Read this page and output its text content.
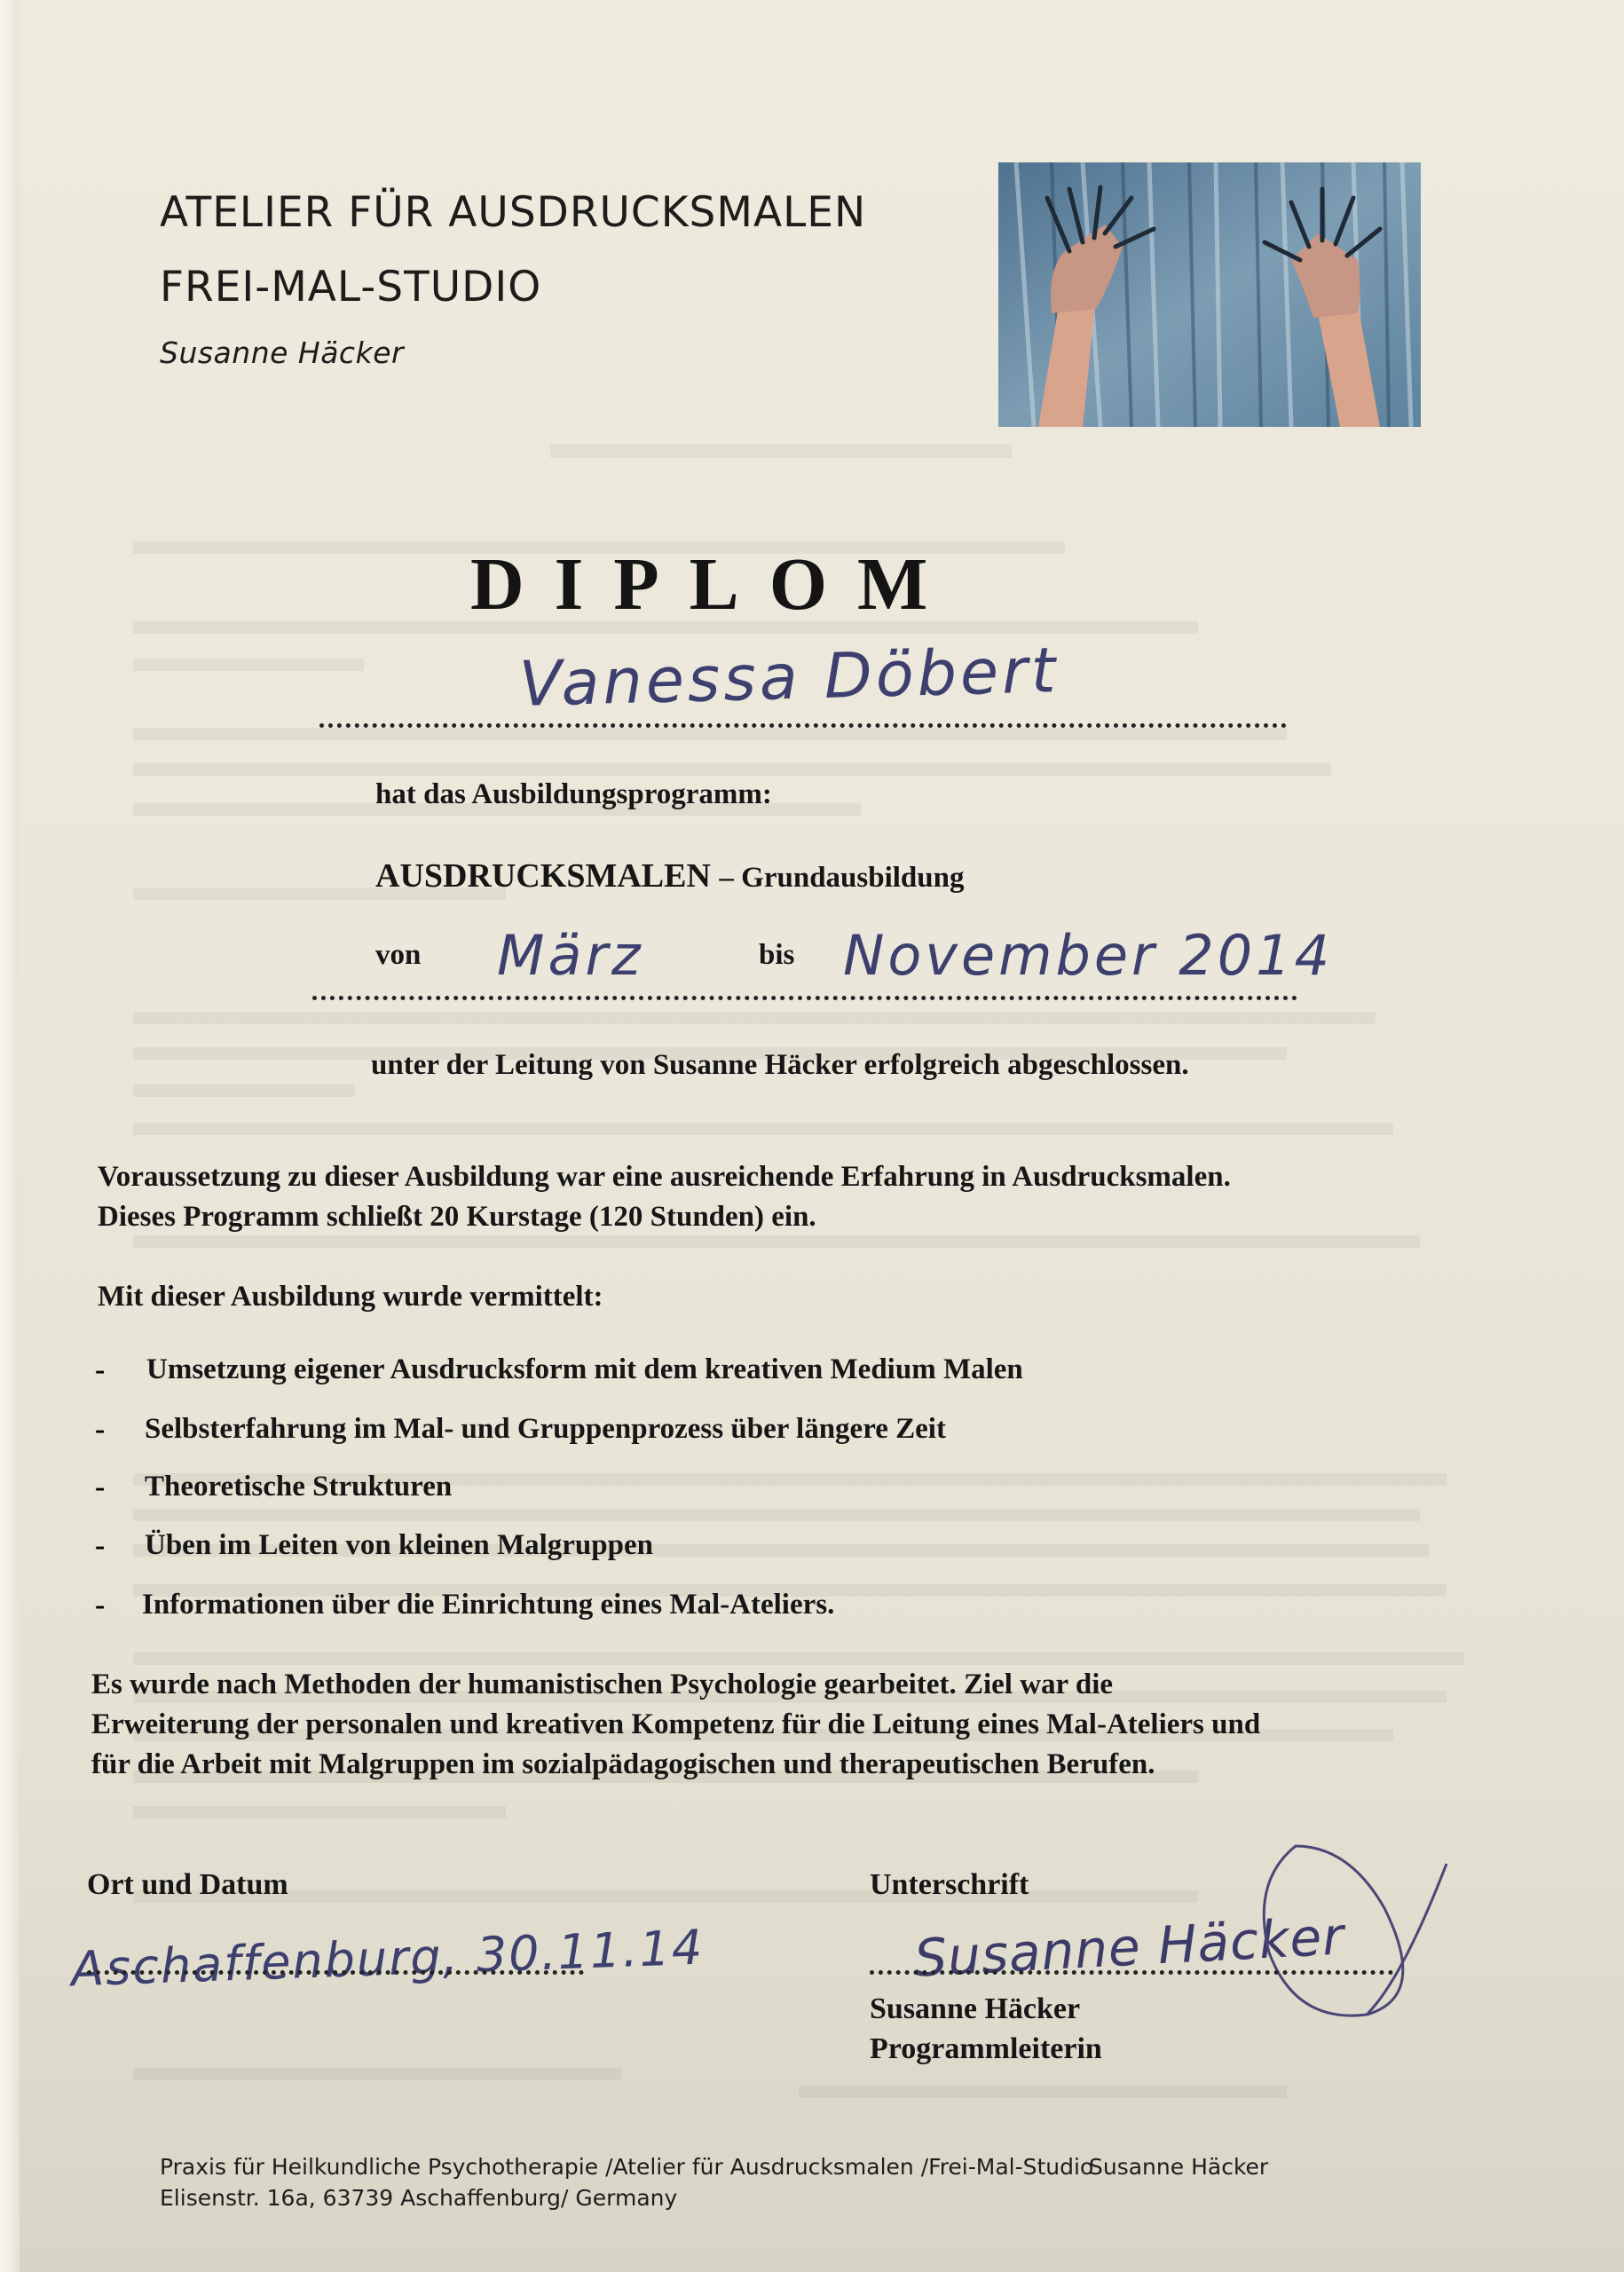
ATELIER FÜR AUSDRUCKSMALEN
FREI-MAL-STUDIO
Susanne Häcker
DIPLOM
Vanessa Döbert
hat das Ausbildungsprogramm:
AUSDRUCKSMALEN – Grundausbildung
von März	bis November 2014
unter der Leitung von Susanne Häcker erfolgreich abgeschlossen.
Voraussetzung zu dieser Ausbildung war eine ausreichende Erfahrung in Ausdrucksmalen.
Dieses Programm schließt 20 Kurstage (120 Stunden) ein.
Mit dieser Ausbildung wurde vermittelt:
- Umsetzung eigener Ausdrucksform mit dem kreativen Medium Malen
- Selbsterfahrung im Mal- und Gruppenprozess über längere Zeit
- Theoretische Strukturen
- Üben im Leiten von kleinen Malgruppen
- Informationen über die Einrichtung eines Mal-Ateliers.
Es wurde nach Methoden der humanistischen Psychologie gearbeitet. Ziel war die
Erweiterung der personalen und kreativen Kompetenz für die Leitung eines Mal-Ateliers und
für die Arbeit mit Malgruppen im sozialpädagogischen und therapeutischen Berufen.
Ort und Datum
Aschaffenburg, 30.11.14
Unterschrift
Susanne Häcker
Susanne Häcker
Programmleiterin
Praxis für Heilkundliche Psychotherapie /Atelier für Ausdrucksmalen /Frei-Mal-Studio
Susanne Häcker
Elisenstr. 16a, 63739 Aschaffenburg/ Germany
